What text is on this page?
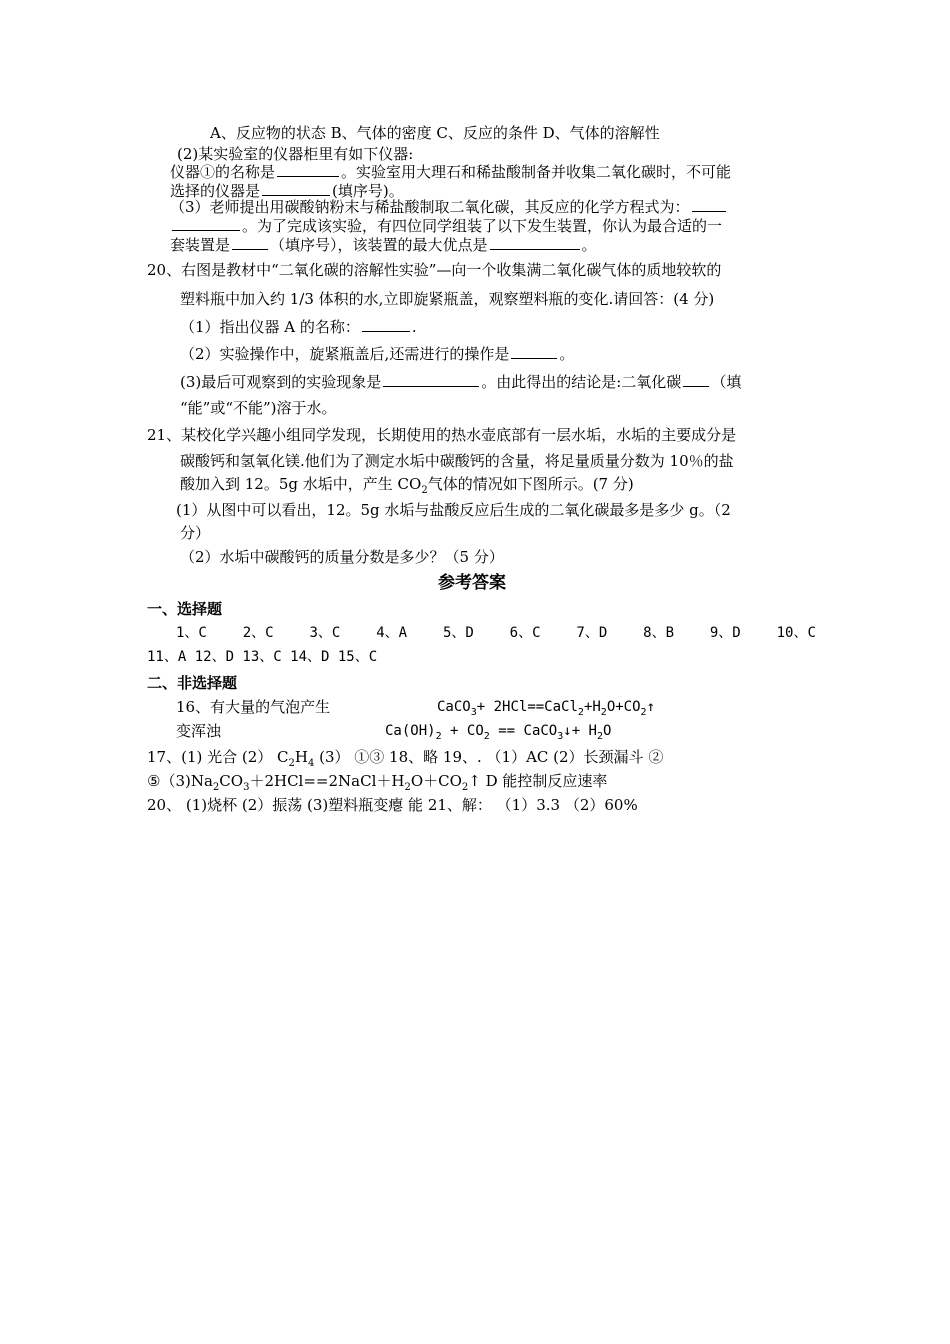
A、反应物的状态 B、气体的密度 C、反应的条件 D、气体的溶解性
(2)某实验室的仪器柜里有如下仪器:
仪器①的名称是	。实验室用大理石和稀盐酸制备并收集二氧化碳时，不可能
选择的仪器是	(填序号)。
（3）老师提出用碳酸钠粉末与稀盐酸制取二氧化碳，其反应的化学方程式为：
。为了完成该实验，有四位同学组装了以下发生装置，你认为最合适的一
套装置是	（填序号），该装置的最大优点是	。
20、右图是教材中“二氧化碳的溶解性实验”—向一个收集满二氧化碳气体的质地较软的
塑料瓶中加入约 1/3 体积的水,立即旋紧瓶盖，观察塑料瓶的变化.请回答：(4 分)
（1）指出仪器 A 的名称：	.
（2）实验操作中，旋紧瓶盖后,还需进行的操作是	。
(3)最后可观察到的实验现象是	。由此得出的结论是:二氧化碳 （填
“能”或“不能”)溶于水。
21、某校化学兴趣小组同学发现，长期使用的热水壶底部有一层水垢，水垢的主要成分是
碳酸钙和氢氧化镁.他们为了测定水垢中碳酸钙的含量，将足量质量分数为 10％的盐
酸加入到 12。5g 水垢中，产生 $CO_2$气体的情况如下图所示。(7 分)
(1）从图中可以看出，12。5g 水垢与盐酸反应后生成的二氧化碳最多是多少 g。（2
分）
（2）水垢中碳酸钙的质量分数是多少？（5 分）
参考答案
一、选择题
1、C	2、C	3、C	4、A	5、D	6、C	7、D	8、B	9、D	10、C
11、A 12、D 13、C 14、D 15、C
二、非选择题
16、有大量的气泡产生	CaCO$_3$+ $2HCl==CaCl_2+H_2O+CO_2↑$
变浑浊	$Ca(OH)_2 + CO_2$ == CaCO$_3$↓+ $H_2O$
17、(1) 光合 (2） $C_2H_4$ (3） ①③ 18、略 19、. （1）AC (2）长颈漏斗 ②
$⑤(3)Na_2CO_3+2HCl==2NaCl+H_2O+CO_2↑$ D 能控制反应速率
20、 (1)烧杯 (2）振荡 (3)塑料瓶变瘪 能 21、解： （1）3.3 （2）60%
